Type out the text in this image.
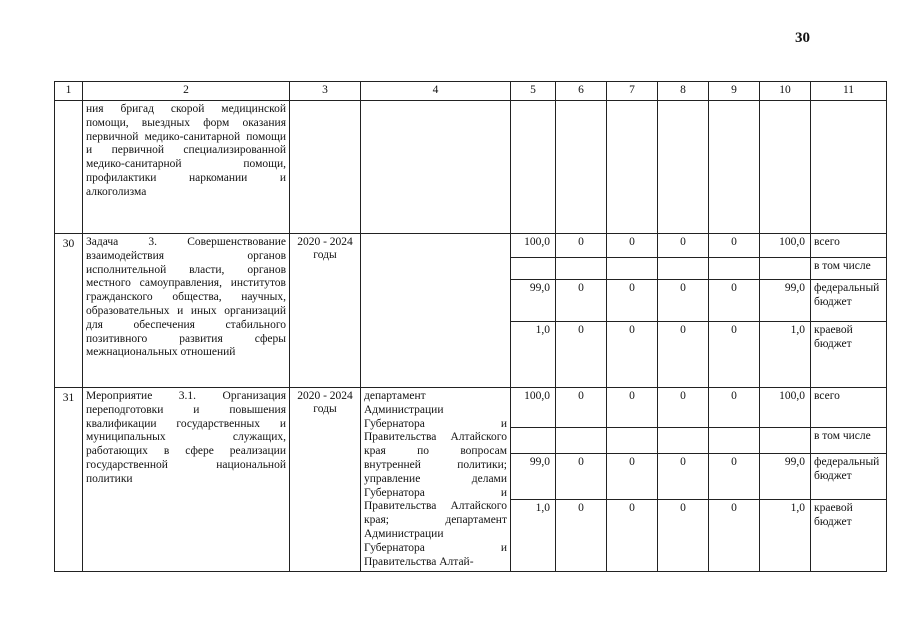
30
1	2	3	4	5	6	7	8	9	10	11
	ния бригад скорой медицинской помощи, выездных форм оказания первичной медико-санитарной помощи и первичной специализированной медико-санитарной помощи, профилактики наркомании и алкоголизма									
30	Задача 3. Совершенствование взаимодействия органов исполнительной власти, органов местного самоуправления, институтов гражданского общества, научных, образовательных и иных организаций для обеспечения стабильного позитивного развития сферы межнациональных отношений	2020 - 2024 годы		100,0	0	0	0	0	100,0	всего
										в том числе
				99,0	0	0	0	0	99,0	федеральный бюджет
				1,0	0	0	0	0	1,0	краевой бюджет
31	Мероприятие 3.1. Организация переподготовки и повышения квалификации государственных и муниципальных служащих, работающих в сфере реализации государственной национальной политики	2020 - 2024 годы	департамент Администрации Губернатора и Правительства Алтайского края по вопросам внутренней политики; управление делами Губернатора и Правительства Алтайского края; департамент Администрации Губернатора и Правительства Алтай-	100,0	0	0	0	0	100,0	всего
										в том числе
				99,0	0	0	0	0	99,0	федеральный бюджет
				1,0	0	0	0	0	1,0	краевой бюджет
